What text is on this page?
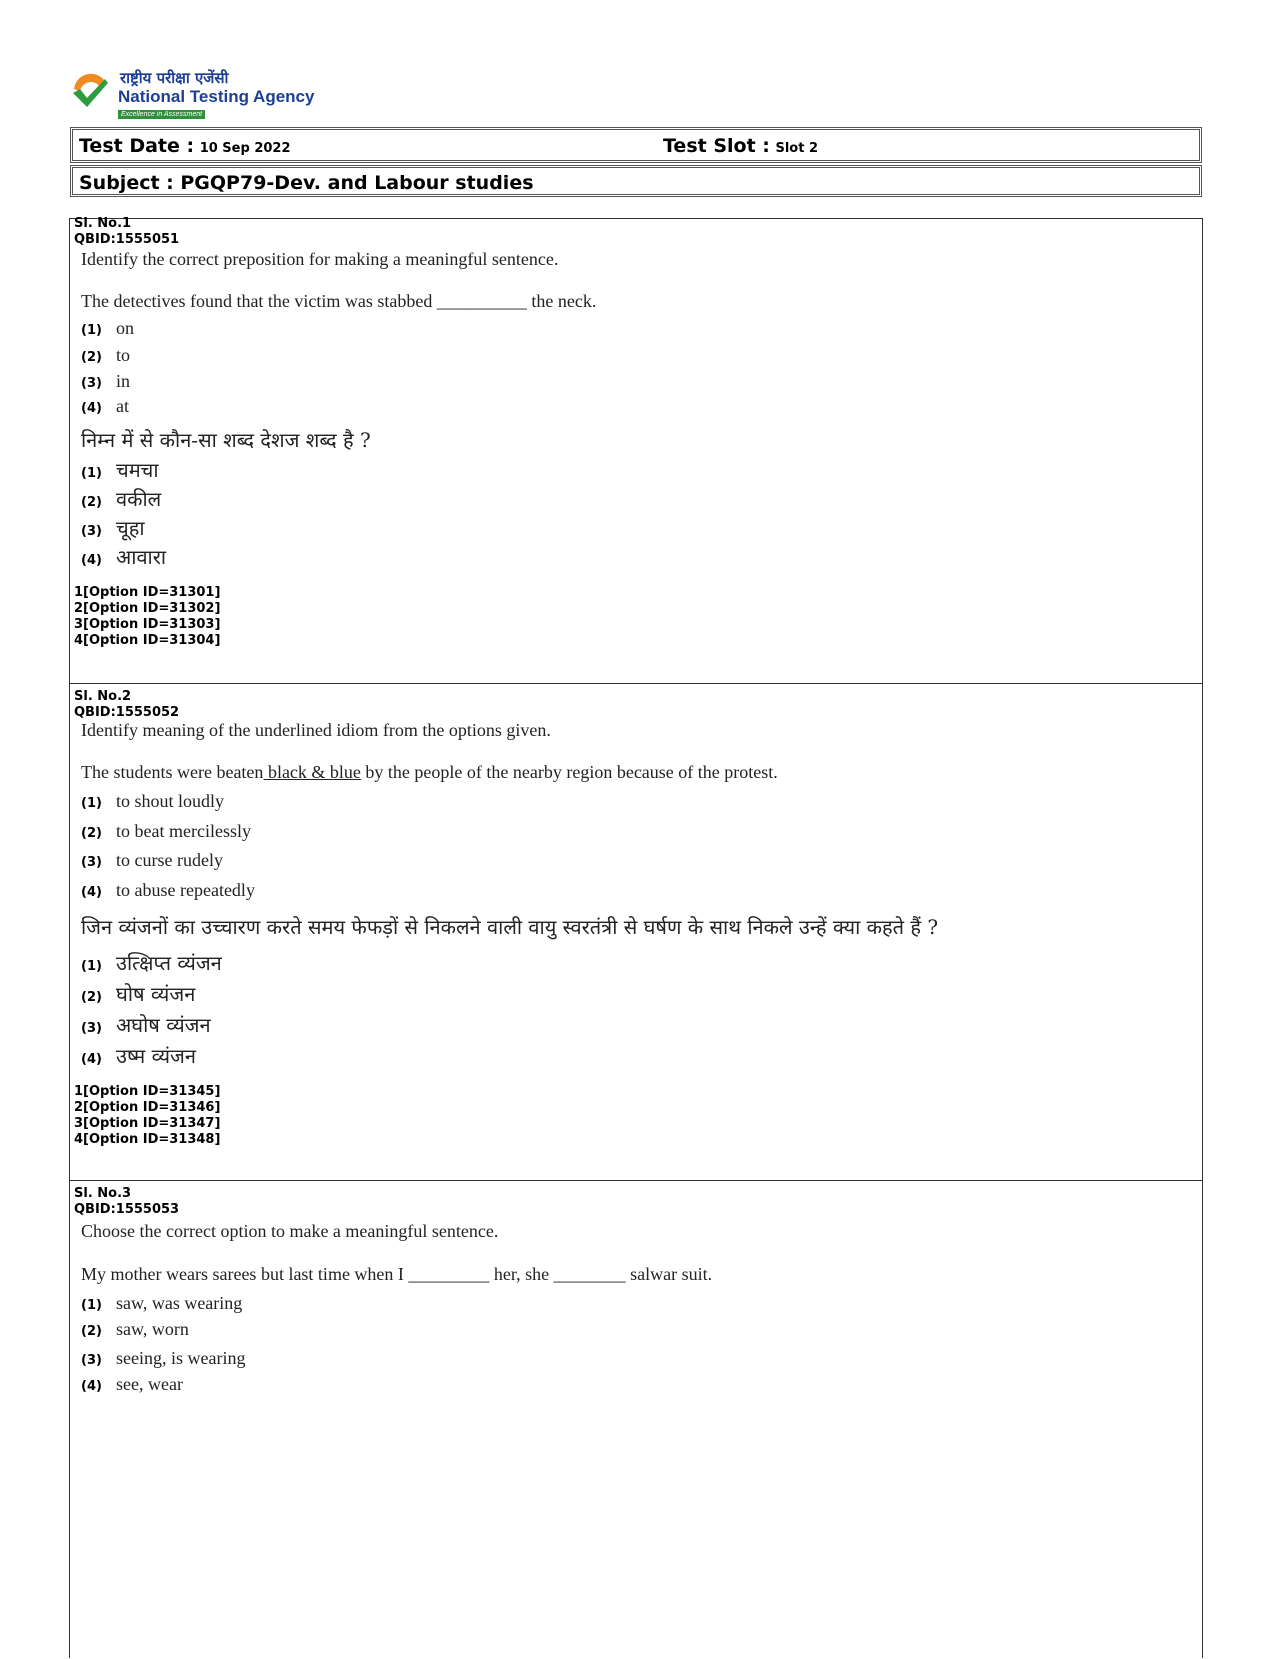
राष्ट्रीय परीक्षा एजेंसी
National Testing Agency
Excellence in Assessment
Test Date : 10 Sep 2022	Test Slot : Slot 2
Subject : PGQP79-Dev. and Labour studies
Sl. No.1
QBID:1555051
Identify the correct preposition for making a meaningful sentence.
The detectives found that the victim was stabbed __________ the neck.
(1) on
(2) to
(3) in
(4) at
निम्न में से कौन-सा शब्द देशज शब्द है ?
(1) चमचा
(2) वकील
(3) चूहा
(4) आवारा
1[Option ID=31301]
2[Option ID=31302]
3[Option ID=31303]
4[Option ID=31304]
Sl. No.2
QBID:1555052
Identify meaning of the underlined idiom from the options given.
The students were beaten black & blue by the people of the nearby region because of the protest.
(1) to shout loudly
(2) to beat mercilessly
(3) to curse rudely
(4) to abuse repeatedly
जिन व्यंजनों का उच्चारण करते समय फेफड़ों से निकलने वाली वायु स्वरतंत्री से घर्षण के साथ निकले उन्हें क्या कहते हैं ?
(1) उत्क्षिप्त व्यंजन
(2) घोष व्यंजन
(3) अघोष व्यंजन
(4) उष्म व्यंजन
1[Option ID=31345]
2[Option ID=31346]
3[Option ID=31347]
4[Option ID=31348]
Sl. No.3
QBID:1555053
Choose the correct option to make a meaningful sentence.
My mother wears sarees but last time when I _________ her, she ________ salwar suit.
(1) saw, was wearing
(2) saw, worn
(3) seeing, is wearing
(4) see, wear
